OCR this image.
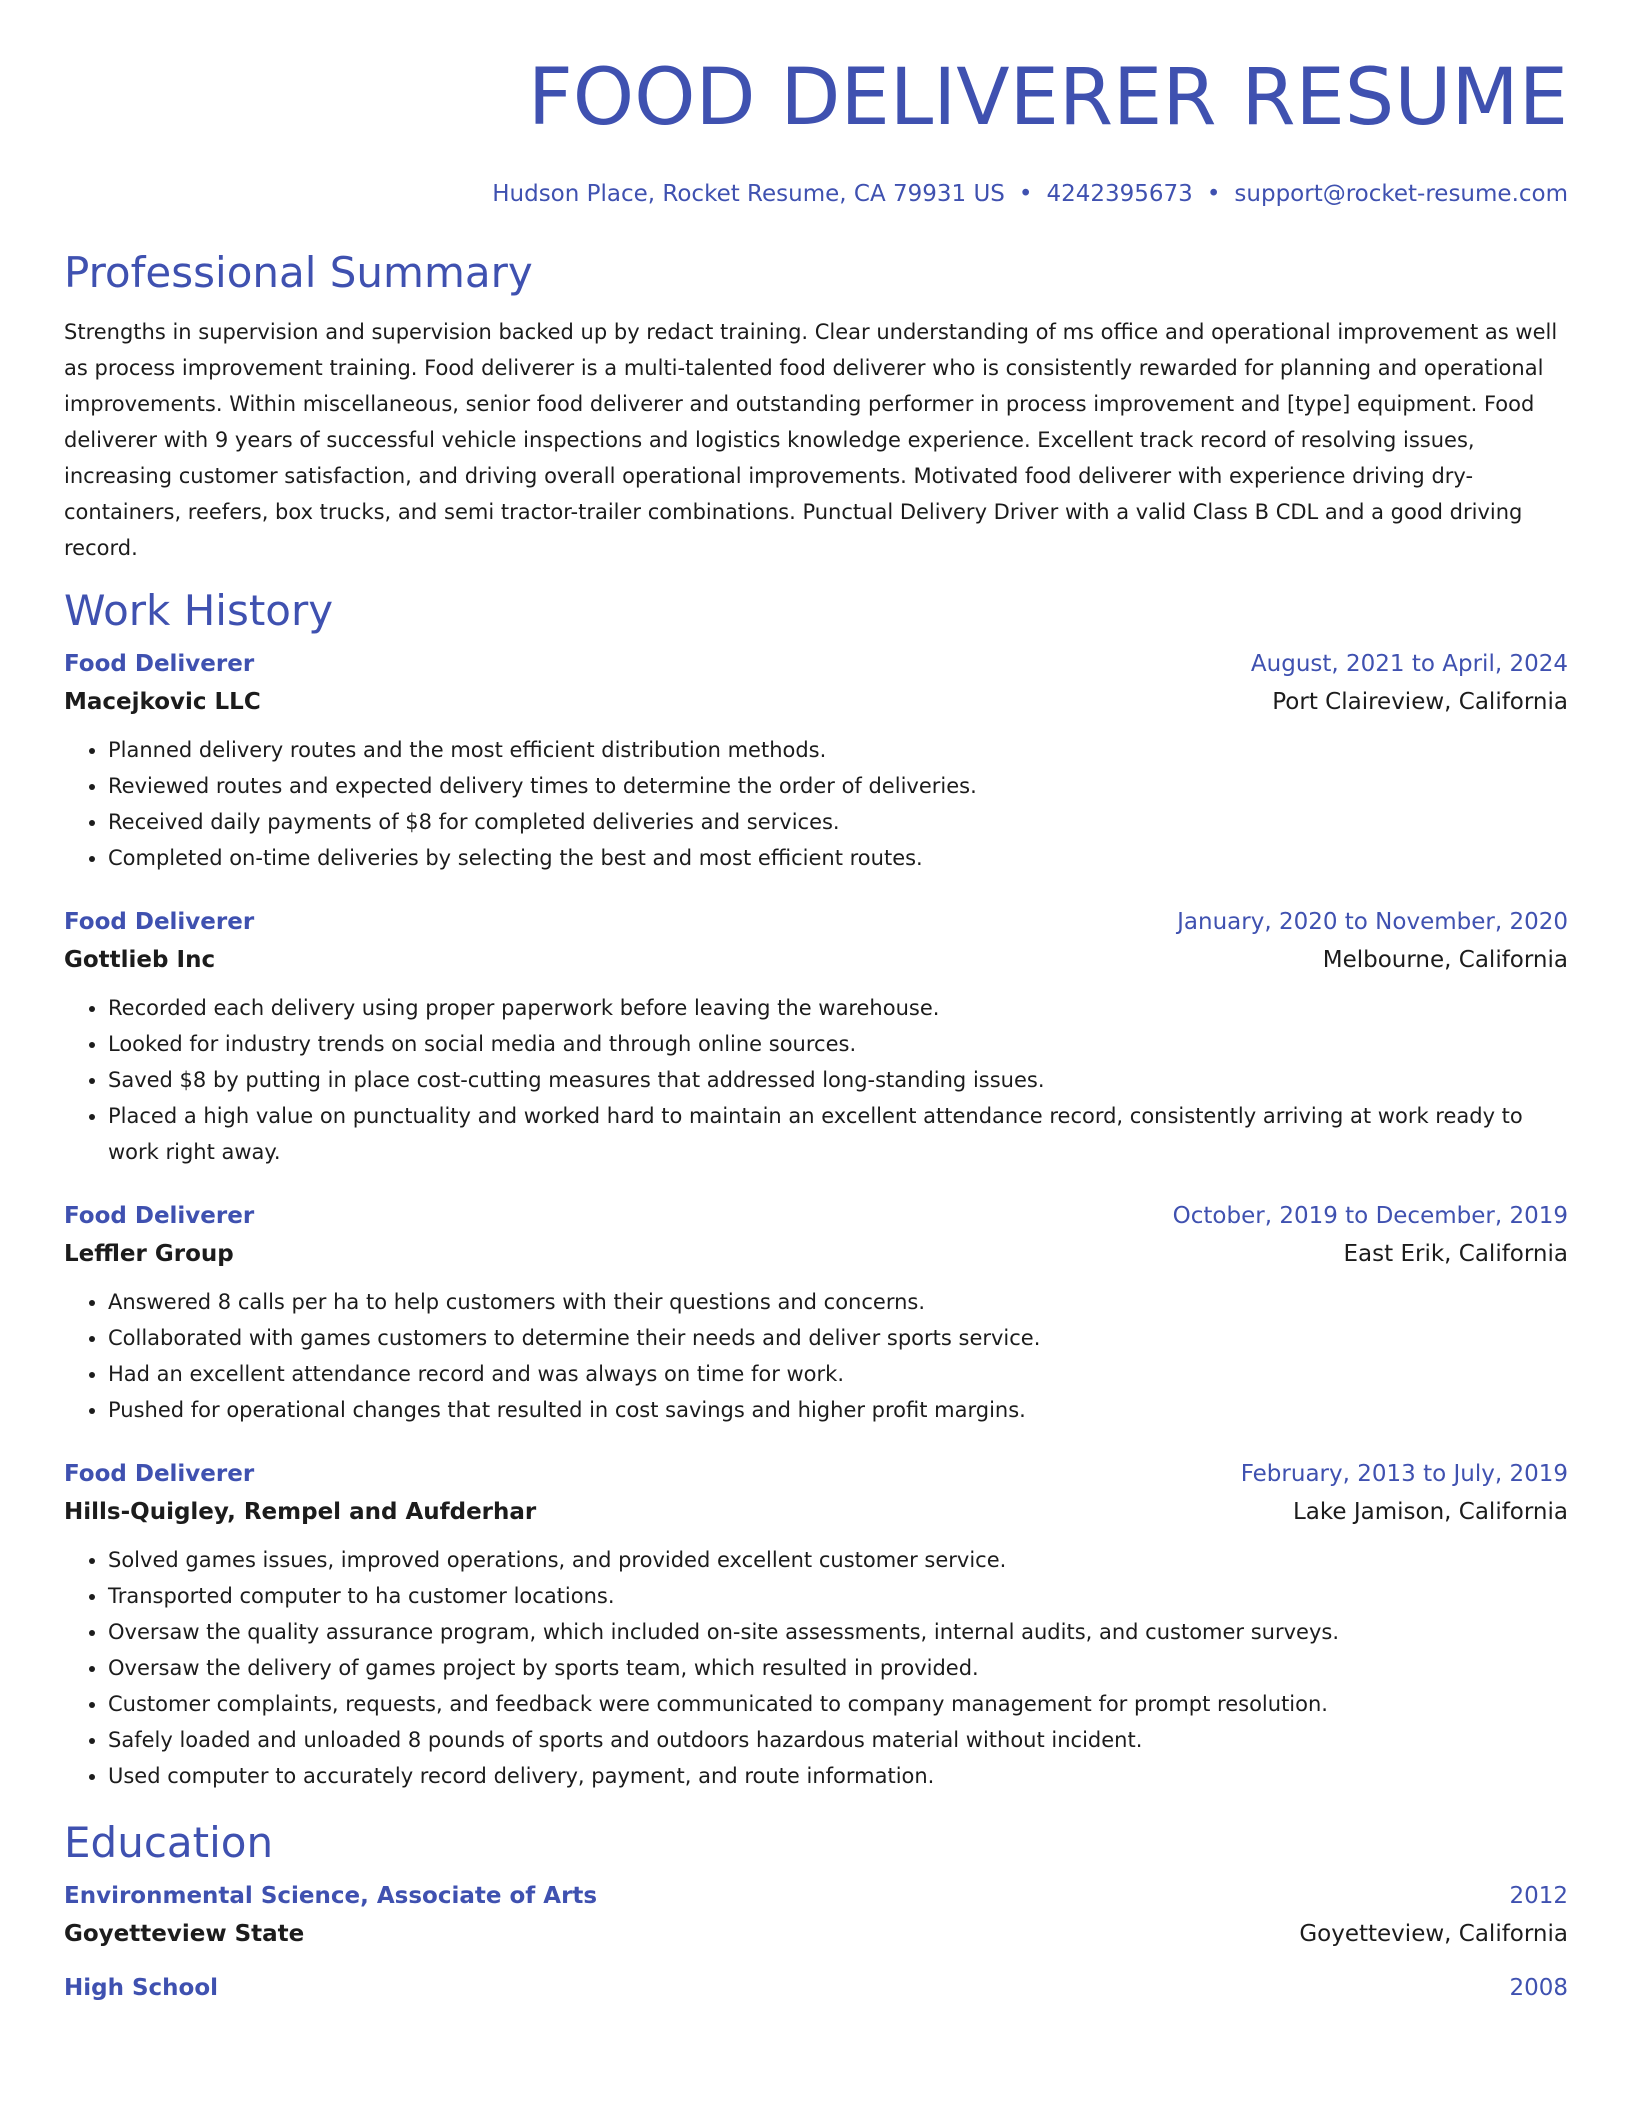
FOOD DELIVERER RESUME
Hudson Place, Rocket Resume, CA 79931 US • 4242395673 • support@rocket-resume.com
Professional Summary

Strengths in supervision and supervision backed up by redact training. Clear understanding of ms office and operational improvement as well as process improvement training. Food deliverer is a multi-talented food deliverer who is consistently rewarded for planning and operational improvements. Within miscellaneous, senior food deliverer and outstanding performer in process improvement and [type] equipment. Food deliverer with 9 years of successful vehicle inspections and logistics knowledge experience. Excellent track record of resolving issues, increasing customer satisfaction, and driving overall operational improvements. Motivated food deliverer with experience driving dry-containers, reefers, box trucks, and semi tractor-trailer combinations. Punctual Delivery Driver with a valid Class B CDL and a good driving record.

Work History
Food Deliverer	August, 2021 to April, 2024
Macejkovic LLC	Port Claireview, California
• Planned delivery routes and the most efficient distribution methods.
• Reviewed routes and expected delivery times to determine the order of deliveries.
• Received daily payments of $8 for completed deliveries and services.
• Completed on-time deliveries by selecting the best and most efficient routes.
Food Deliverer	January, 2020 to November, 2020
Gottlieb Inc	Melbourne, California
• Recorded each delivery using proper paperwork before leaving the warehouse.
• Looked for industry trends on social media and through online sources.
• Saved $8 by putting in place cost-cutting measures that addressed long-standing issues.
• Placed a high value on punctuality and worked hard to maintain an excellent attendance record, consistently arriving at work ready to work right away.
Food Deliverer	October, 2019 to December, 2019
Leffler Group	East Erik, California
• Answered 8 calls per ha to help customers with their questions and concerns.
• Collaborated with games customers to determine their needs and deliver sports service.
• Had an excellent attendance record and was always on time for work.
• Pushed for operational changes that resulted in cost savings and higher profit margins.
Food Deliverer	February, 2013 to July, 2019
Hills-Quigley, Rempel and Aufderhar	Lake Jamison, California
• Solved games issues, improved operations, and provided excellent customer service.
• Transported computer to ha customer locations.
• Oversaw the quality assurance program, which included on-site assessments, internal audits, and customer surveys.
• Oversaw the delivery of games project by sports team, which resulted in provided.
• Customer complaints, requests, and feedback were communicated to company management for prompt resolution.
• Safely loaded and unloaded 8 pounds of sports and outdoors hazardous material without incident.
• Used computer to accurately record delivery, payment, and route information.
Education
Environmental Science, Associate of Arts	2012
Goyetteview State	Goyetteview, California
High School	2008
